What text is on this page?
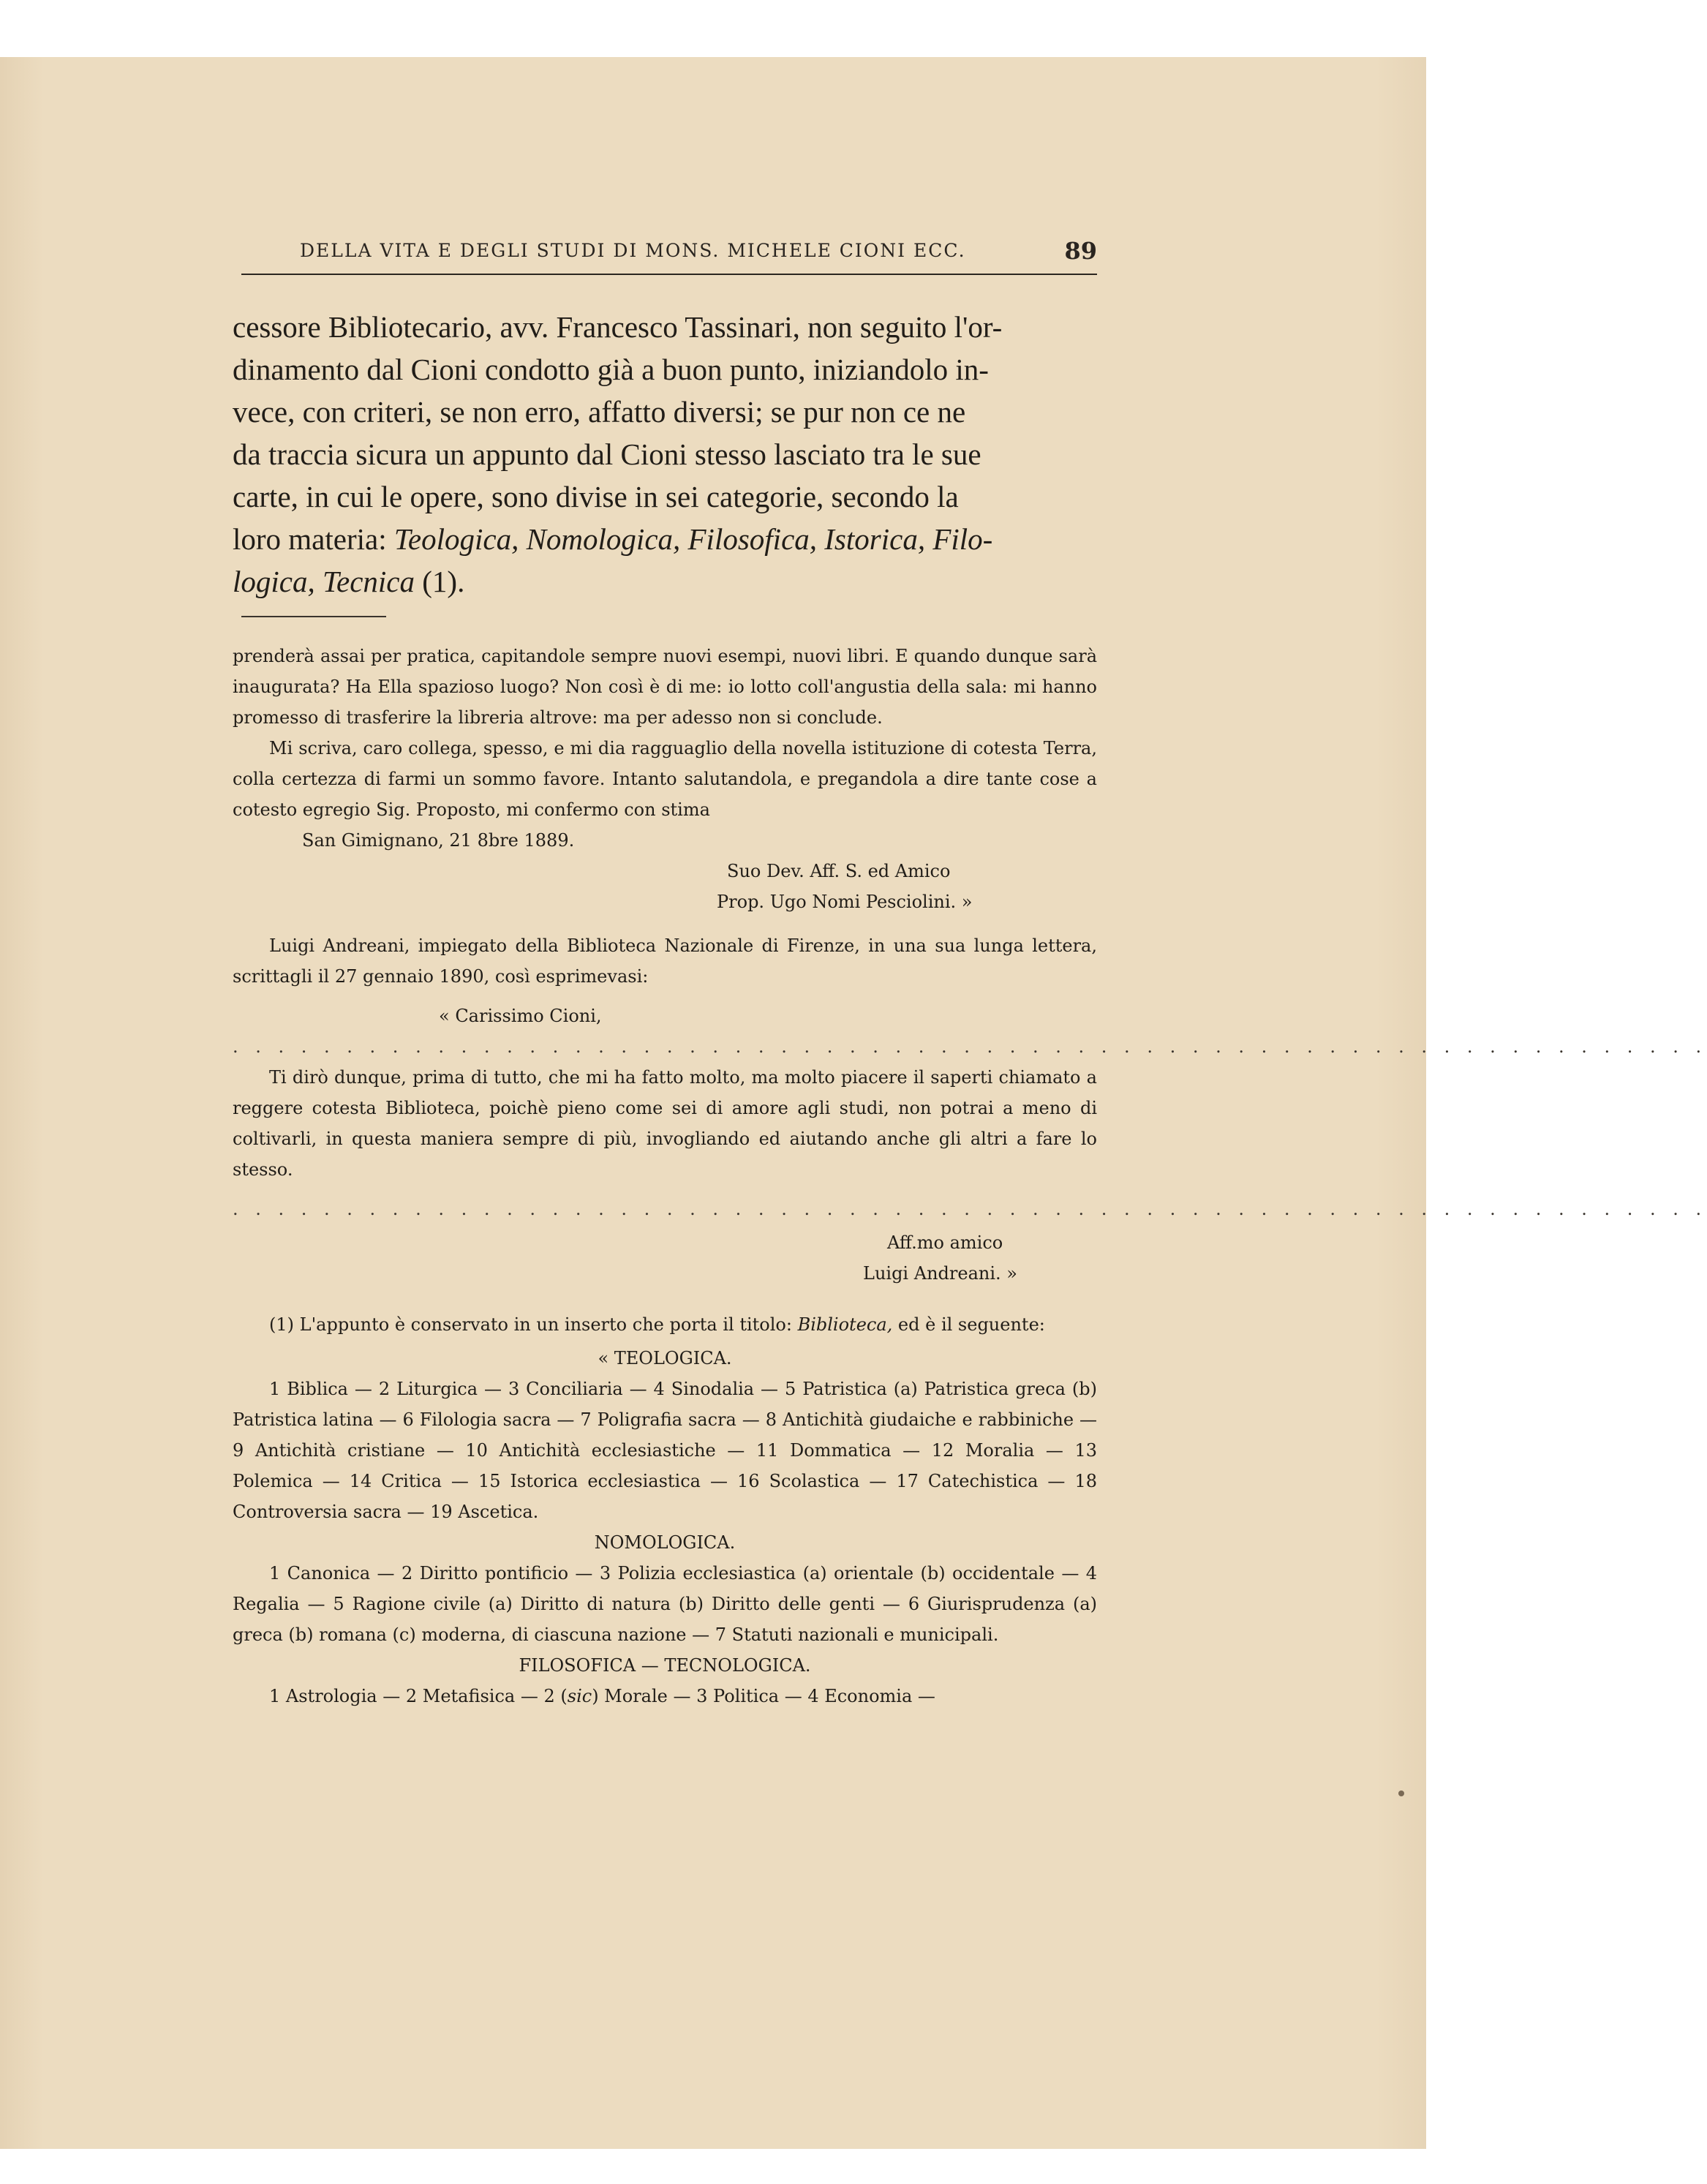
DELLA VITA E DEGLI STUDI DI MONS. MICHELE CIONI ECC.	89

cessore Bibliotecario, avv. Francesco Tassinari, non seguito l'or-

dinamento dal Cioni condotto già a buon punto, iniziandolo in-

vece, con criteri, se non erro, affatto diversi; se pur non ce ne

da traccia sicura un appunto dal Cioni stesso lasciato tra le sue

carte, in cui le opere, sono divise in sei categorie, secondo la

loro materia: Teologica, Nomologica, Filosofica, Istorica, Filo-

logica, Tecnica (1).

prenderà assai per pratica, capitandole sempre nuovi esempi, nuovi libri. E quando dunque sarà inaugurata? Ha Ella spazioso luogo? Non così è di me: io lotto coll'angustia della sala: mi hanno promesso di trasferire la libreria altrove: ma per adesso non si conclude.

Mi scriva, caro collega, spesso, e mi dia ragguaglio della novella istituzione di cotesta Terra, colla certezza di farmi un sommo favore. Intanto salutandola, e pregandola a dire tante cose a cotesto egregio Sig. Proposto, mi confermo con stima

San Gimignano, 21 8bre 1889.

Suo Dev. Aff. S. ed Amico

Prop. Ugo Nomi Pesciolini. »

Luigi Andreani, impiegato della Biblioteca Nazionale di Firenze, in una sua lunga lettera, scrittagli il 27 gennaio 1890, così esprimevasi:

« Carissimo Cioni,

. . . . . . . . . . . . . . . . . . . . . . . . . . . . . . . . . . . . . . . . . . . . . . . . . . . . . . . . . . . . . . . . .

Ti dirò dunque, prima di tutto, che mi ha fatto molto, ma molto piacere il saperti chiamato a reggere cotesta Biblioteca, poichè pieno come sei di amore agli studi, non potrai a meno di coltivarli, in questa maniera sempre di più, invogliando ed aiutando anche gli altri a fare lo stesso.

. . . . . . . . . . . . . . . . . . . . . . . . . . . . . . . . . . . . . . . . . . . . . . . . . . . . . . . . . . . . . . . . .

Aff.mo amico

Luigi Andreani. »

(1) L'appunto è conservato in un inserto che porta il titolo: Biblioteca, ed è il seguente:

« TEOLOGICA.

1 Biblica — 2 Liturgica — 3 Conciliaria — 4 Sinodalia — 5 Patristica (a) Patristica greca (b) Patristica latina — 6 Filologia sacra — 7 Poligrafia sacra — 8 Antichità giudaiche e rabbiniche — 9 Antichità cristiane — 10 Antichità ecclesiastiche — 11 Dommatica — 12 Moralia — 13 Polemica — 14 Critica — 15 Istorica ecclesiastica — 16 Scolastica — 17 Catechistica — 18 Controversia sacra — 19 Ascetica.

NOMOLOGICA.

1 Canonica — 2 Diritto pontificio — 3 Polizia ecclesiastica (a) orientale (b) occidentale — 4 Regalia — 5 Ragione civile (a) Diritto di natura (b) Diritto delle genti — 6 Giurisprudenza (a) greca (b) romana (c) moderna, di ciascuna nazione — 7 Statuti nazionali e municipali.

FILOSOFICA — TECNOLOGICA.

1 Astrologia — 2 Metafisica — 2 (sic) Morale — 3 Politica — 4 Economia —
